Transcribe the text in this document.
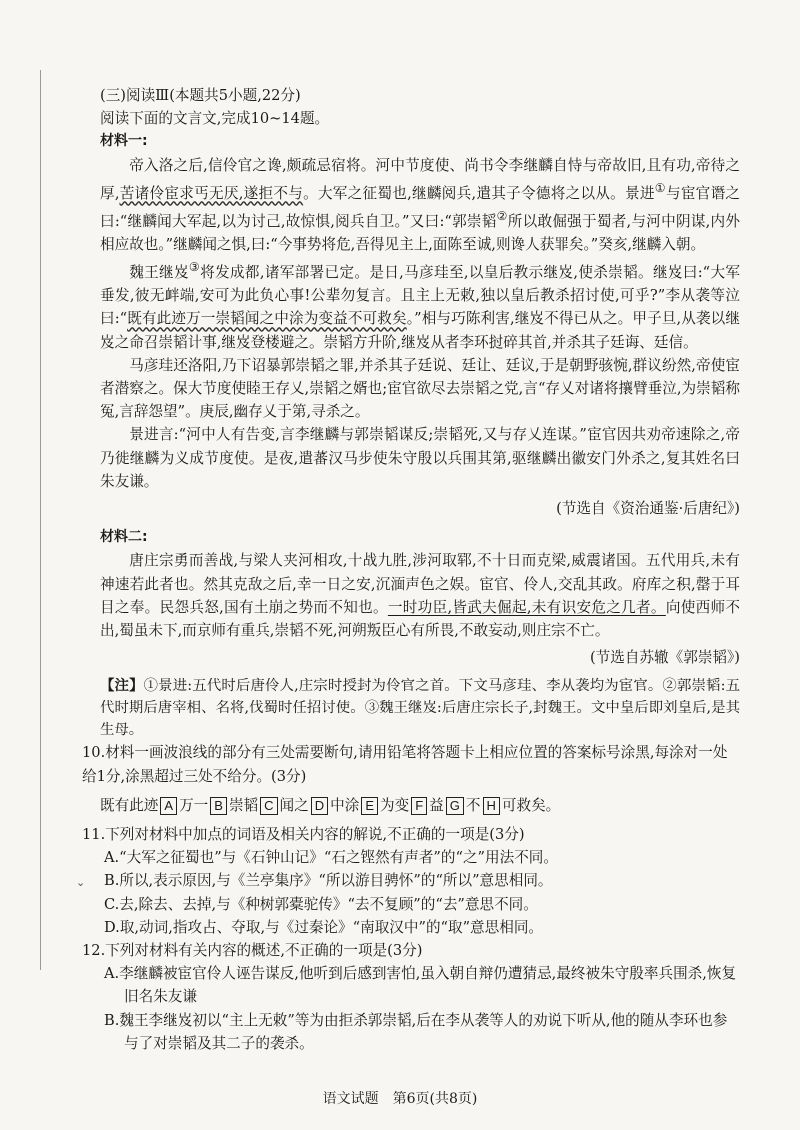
⌄

(三)阅读Ⅲ(本题共5小题,22分)

阅读下面的文言文,完成10~14题。

材料一:

帝入洛之后,信伶官之谗,颇疏忌宿将。河中节度使、尚书令李继麟自恃与帝故旧,且有功,帝待之厚,苦诸伶宦求丐无厌,遂拒不与。大军之征蜀也,继麟阅兵,遣其子令德将之以从。景进①与宦官谮之曰:“继麟闻大军起,以为讨己,故惊惧,阅兵自卫。”又曰:“郭崇韬②所以敢倔强于蜀者,与河中阴谋,内外相应故也。”继麟闻之惧,曰:“今事势将危,吾得见主上,面陈至诚,则谗人获罪矣。”癸亥,继麟入朝。

魏王继岌③将发成都,诸军部署已定。是日,马彦珪至,以皇后教示继岌,使杀崇韬。继岌曰:“大军垂发,彼无衅端,安可为此负心事!公辈勿复言。且主上无敕,独以皇后教杀招讨使,可乎?”李从袭等泣曰:“既有此迹万一崇韬闻之中涂为变益不可救矣。”相与巧陈利害,继岌不得已从之。甲子旦,从袭以继岌之命召崇韬计事,继岌登楼避之。崇韬方升阶,继岌从者李环挝碎其首,并杀其子廷诲、廷信。

马彦珪还洛阳,乃下诏暴郭崇韬之罪,并杀其子廷说、廷让、廷议,于是朝野骇惋,群议纷然,帝使宦者潜察之。保大节度使睦王存乂,崇韬之婿也;宦官欲尽去崇韬之党,言“存乂对诸将攘臂垂泣,为崇韬称冤,言辞怨望”。庚辰,幽存乂于第,寻杀之。

景进言:“河中人有告变,言李继麟与郭崇韬谋反;崇韬死,又与存乂连谋。”宦官因共劝帝速除之,帝乃徙继麟为义成节度使。是夜,遣蕃汉马步使朱守殷以兵围其第,驱继麟出徽安门外杀之,复其姓名曰朱友谦。

(节选自《资治通鉴·后唐纪》)

材料二:

唐庄宗勇而善战,与梁人夹河相攻,十战九胜,涉河取郓,不十日而克梁,威震诸国。五代用兵,未有神速若此者也。然其克敌之后,幸一日之安,沉湎声色之娱。宦官、伶人,交乱其政。府库之积,罄于耳目之奉。民怨兵怒,国有土崩之势而不知也。一时功臣,皆武夫倔起,未有识安危之几者。向使西师不出,蜀虽未下,而京师有重兵,崇韬不死,河朔叛臣心有所畏,不敢妄动,则庄宗不亡。

(节选自苏辙《郭崇韬》)

【注】①景进:五代时后唐伶人,庄宗时授封为伶官之首。下文马彦珪、李从袭均为宦官。②郭崇韬:五代时期后唐宰相、名将,伐蜀时任招讨使。③魏王继岌:后唐庄宗长子,封魏王。文中皇后即刘皇后,是其生母。

10.材料一画波浪线的部分有三处需要断句,请用铅笔将答题卡上相应位置的答案标号涂黑,每涂对一处给1分,涂黑超过三处不给分。(3分)

既有此迹 A 万一 B 崇韬 C 闻之 D 中涂 E 为变 F 益 G 不 H 可救矣。

11.下列对材料中加点的词语及相关内容的解说,不正确的一项是(3分)

A.“大军之征蜀也”与《石钟山记》“石之铿然有声者”的“之”用法不同。

B.所以,表示原因,与《兰亭集序》“所以游目骋怀”的“所以”意思相同。

C.去,除去、去掉,与《种树郭橐驼传》“去不复顾”的“去”意思不同。

D.取,动词,指攻占、夺取,与《过秦论》“南取汉中”的“取”意思相同。

12.下列对材料有关内容的概述,不正确的一项是(3分)

A.李继麟被宦官伶人诬告谋反,他听到后感到害怕,虽入朝自辩仍遭猜忌,最终被朱守殷率兵围杀,恢复旧名朱友谦

B.魏王李继岌初以“主上无敕”等为由拒杀郭崇韬,后在李从袭等人的劝说下听从,他的随从李环也参与了对崇韬及其二子的袭杀。

语文试题　第6页(共8页)
